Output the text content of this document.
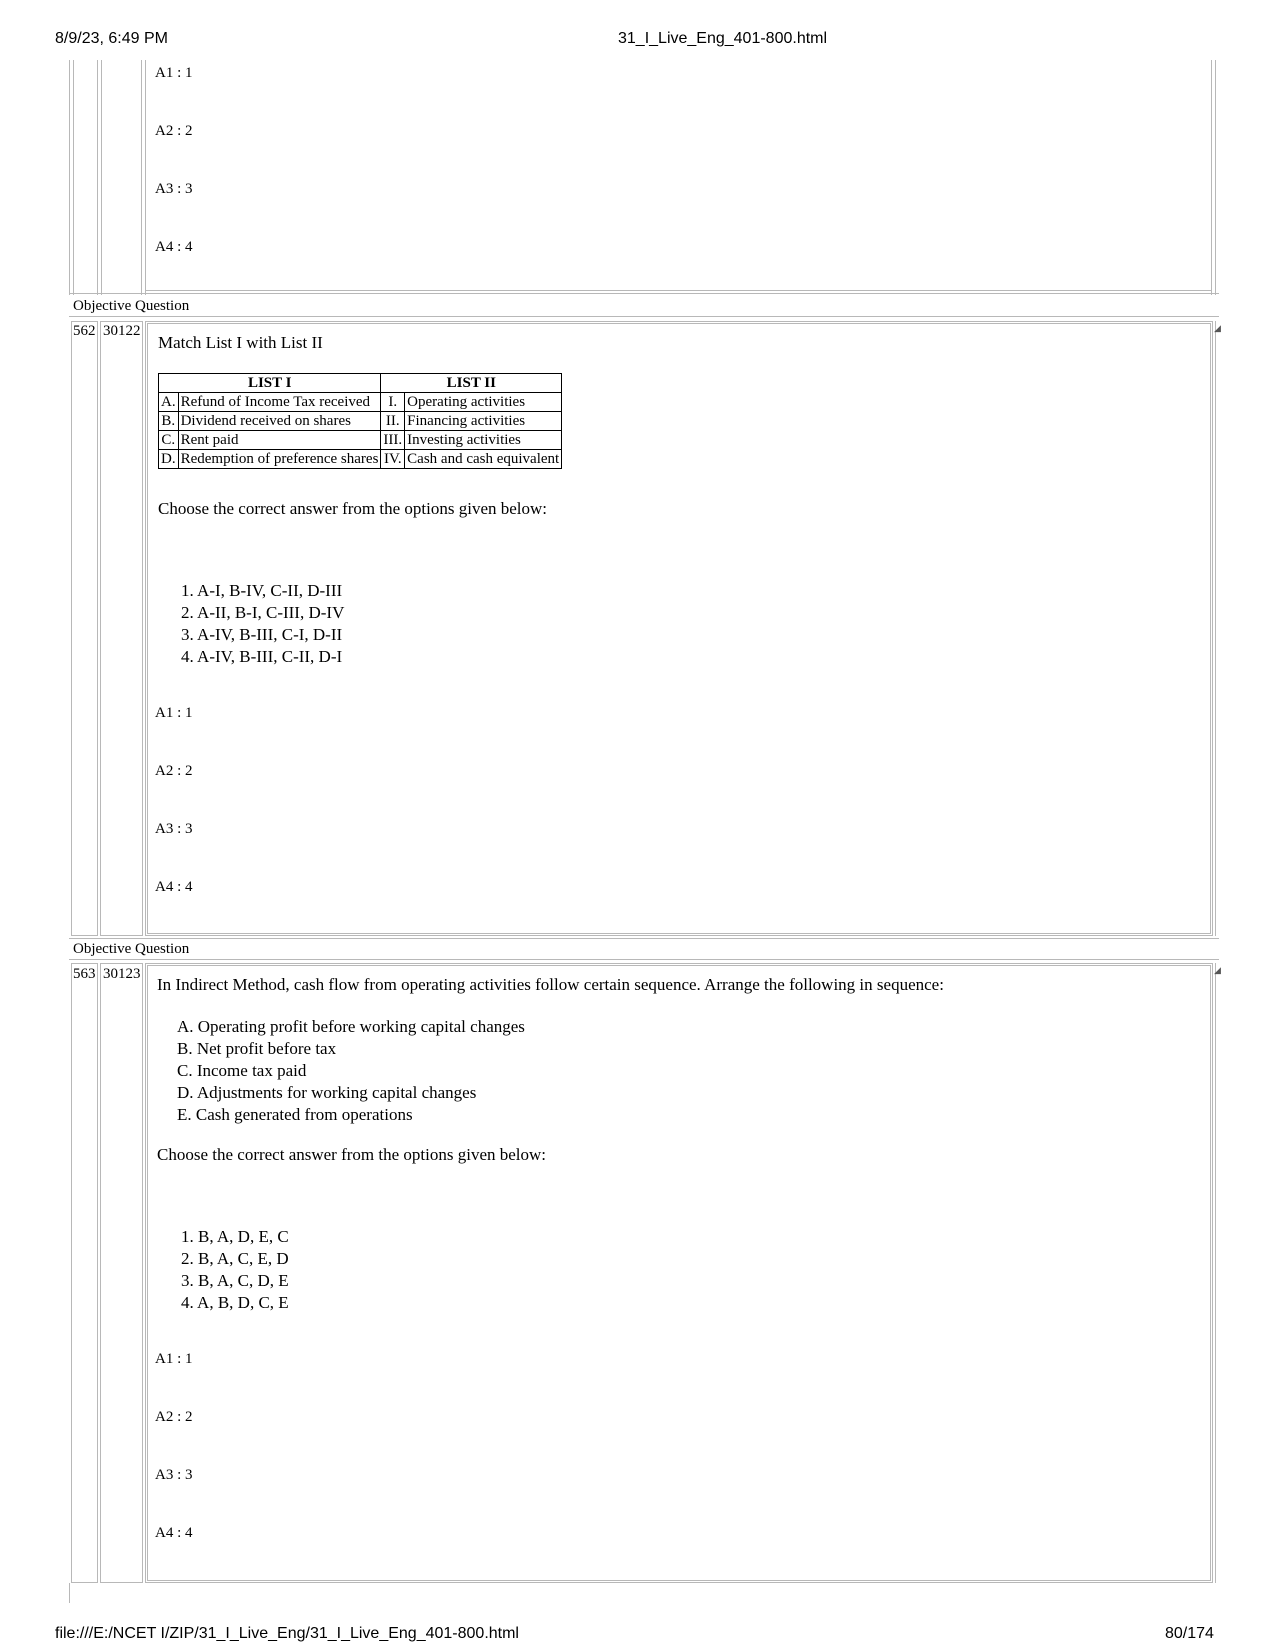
8/9/23, 6:49 PM	31_I_Live_Eng_401-800.html
A1 : 1
A2 : 2
A3 : 3
A4 : 4
Objective Question
◢
562 30122
Match List I with List II
LIST I		LIST II	
A.	Refund of Income Tax received	I.	Operating activities
B.	Dividend received on shares	II.	Financing activities
C.	Rent paid	III.	Investing activities
D.	Redemption of preference shares	IV.	Cash and cash equivalent
Choose the correct answer from the options given below:
1. A-I, B-IV, C-II, D-III
2. A-II, B-I, C-III, D-IV
3. A-IV, B-III, C-I, D-II
4. A-IV, B-III, C-II, D-I
A1 : 1
A2 : 2
A3 : 3
A4 : 4
Objective Question
◢
563 30123
In Indirect Method, cash flow from operating activities follow certain sequence. Arrange the following in sequence:
A. Operating profit before working capital changes
B. Net profit before tax
C. Income tax paid
D. Adjustments for working capital changes
E. Cash generated from operations
Choose the correct answer from the options given below:
1. B, A, D, E, C
2. B, A, C, E, D
3. B, A, C, D, E
4. A, B, D, C, E
A1 : 1
A2 : 2
A3 : 3
A4 : 4
file:///E:/NCET I/ZIP/31_I_Live_Eng/31_I_Live_Eng_401-800.html	80/174
